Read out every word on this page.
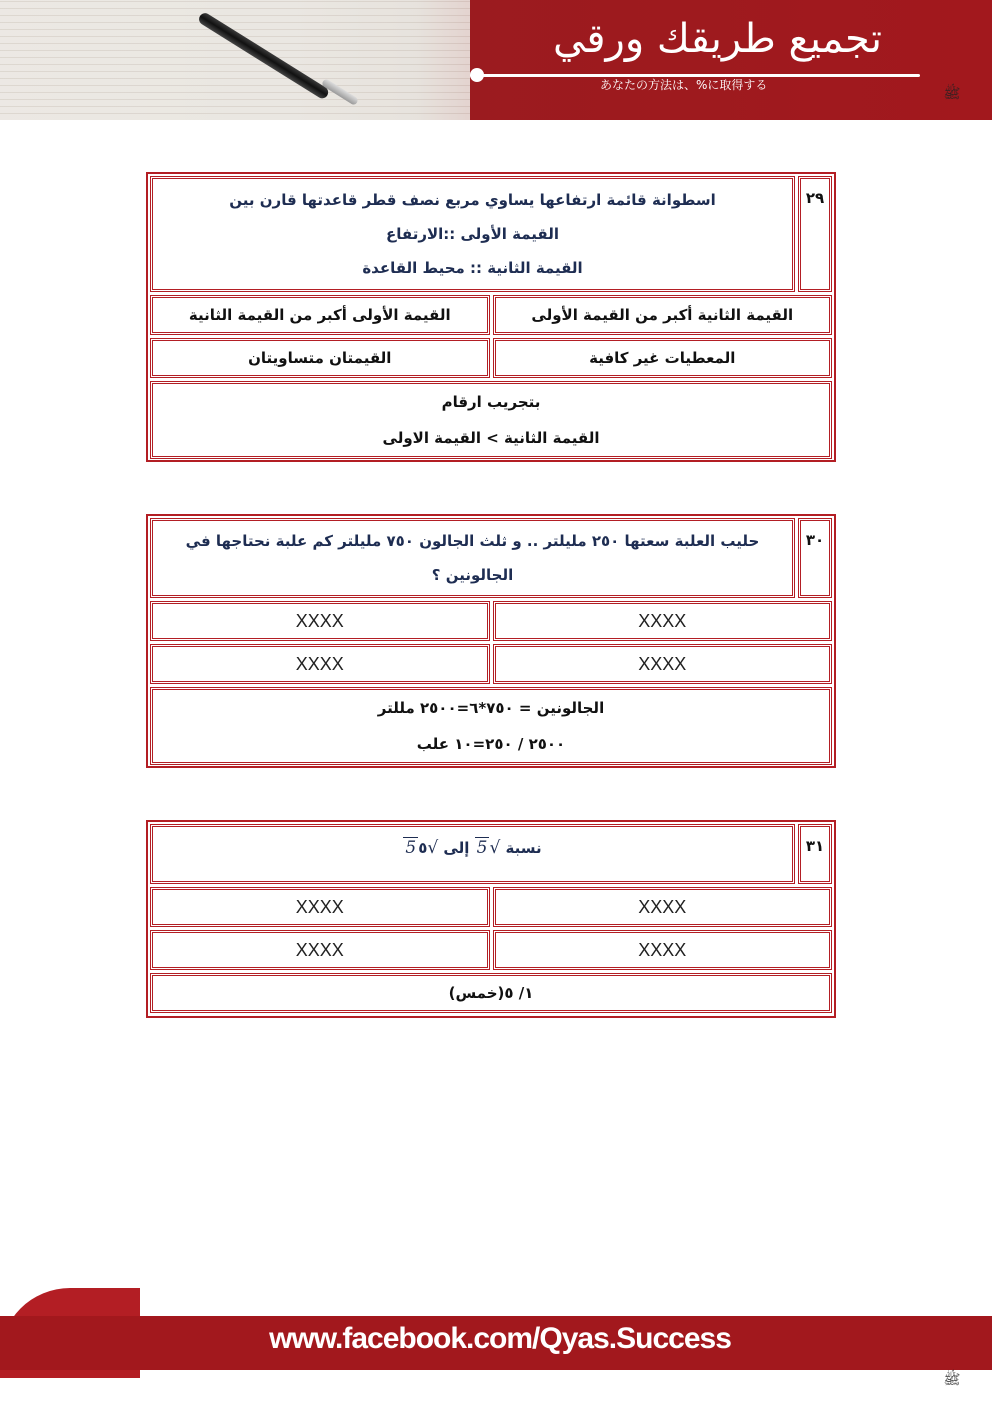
تجميع طريقك ورقي
あなたの方法は、%に取得する
ﷺ
اسطوانة قائمة ارتفاعها يساوي مربع نصف قطر قاعدتها قارن بين
القيمة الأولى ::الارتفاع
القيمة الثانية :: محيط القاعدة
٢٩
القيمة الأولى أكبر من القيمة الثانية	القيمة الثانية أكبر من القيمة الأولى
القيمتان متساويتان	المعطيات غير كافية
بتجريب ارقام
القيمة الثانية > القيمة الاولى
حليب العلبة سعتها ٢٥٠ مليلتر .. و ثلث الجالون ٧٥٠ مليلتر كم علبة نحتاجها في
الجالونين ؟
٣٠
XXXX	XXXX
XXXX	XXXX
الجالونين = ٧٥٠*٦=٢٥٠٠ مللتر
٢٥٠٠ / ٢٥٠=١٠ علب
نسبة √5 إلى √5 ٥	٣١
XXXX	XXXX
XXXX	XXXX
١/ ٥(خمس)
www.facebook.com/Qyas.Success
ﷺ
